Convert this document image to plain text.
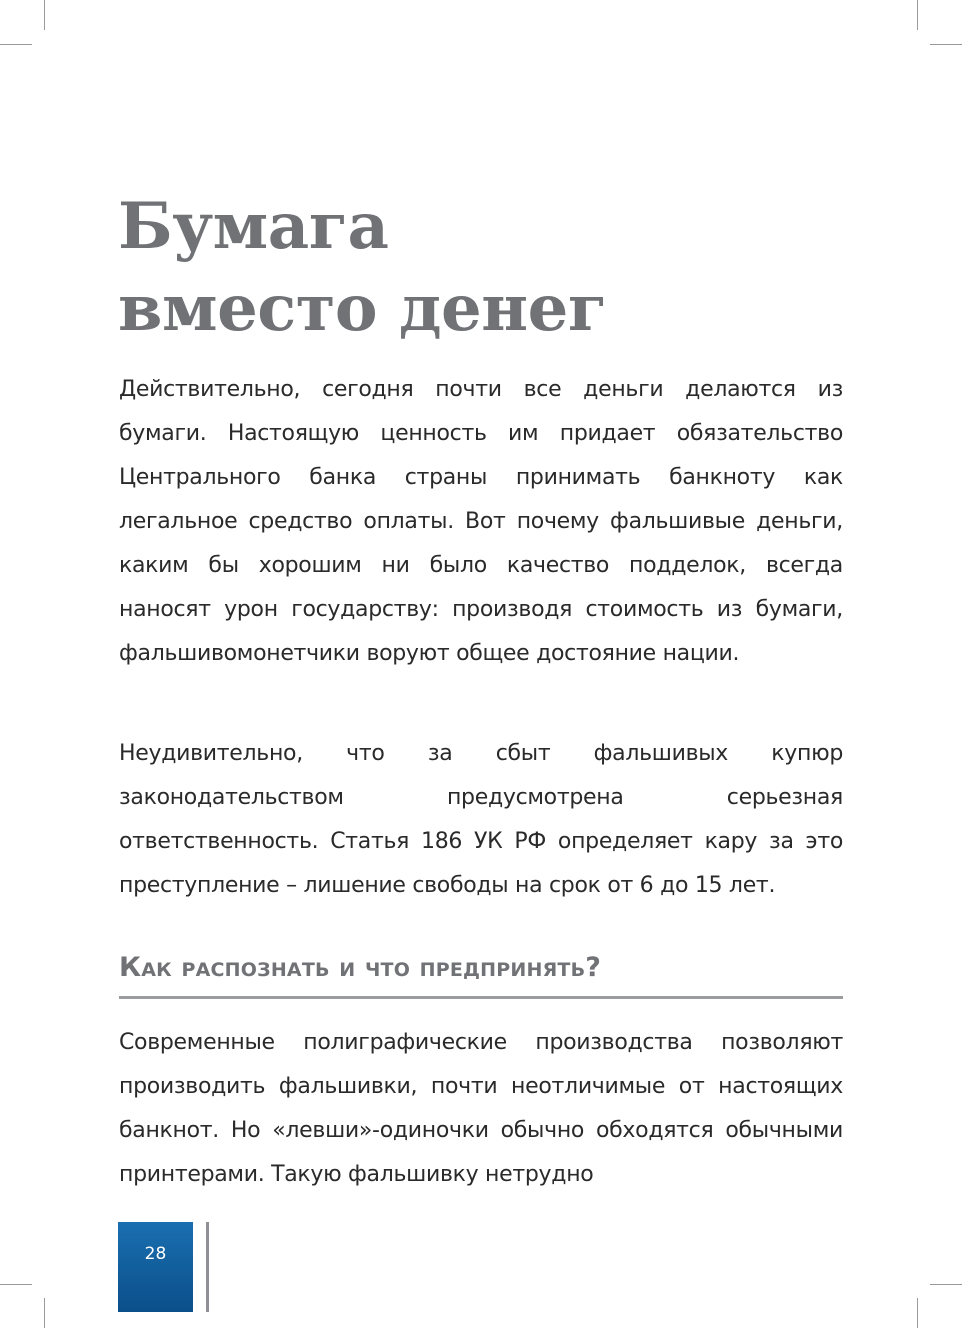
Бумага
вместо денег

Действительно, сегодня почти все деньги делаются из бумаги. Настоящую ценность им придает обязательство Центрального банка страны принимать банкноту как легальное средство оплаты. Вот почему фальшивые деньги, каким бы хорошим ни было качество подделок, всегда наносят урон государству: производя стоимость из бумаги, фальшивомонетчики воруют общее достояние нации.

Неудивительно, что за сбыт фальшивых купюр законодательством предусмотрена серьезная ответственность. Статья 186 УК РФ определяет кару за это преступление – лишение свободы на срок от 6 до 15 лет.

Как распознать и что предпринять?

Современные полиграфические производства позволяют производить фальшивки, почти неотличимые от настоящих банкнот. Но «левши»-одиночки обычно обходятся обычными принтерами. Такую фальшивку нетрудно

28
